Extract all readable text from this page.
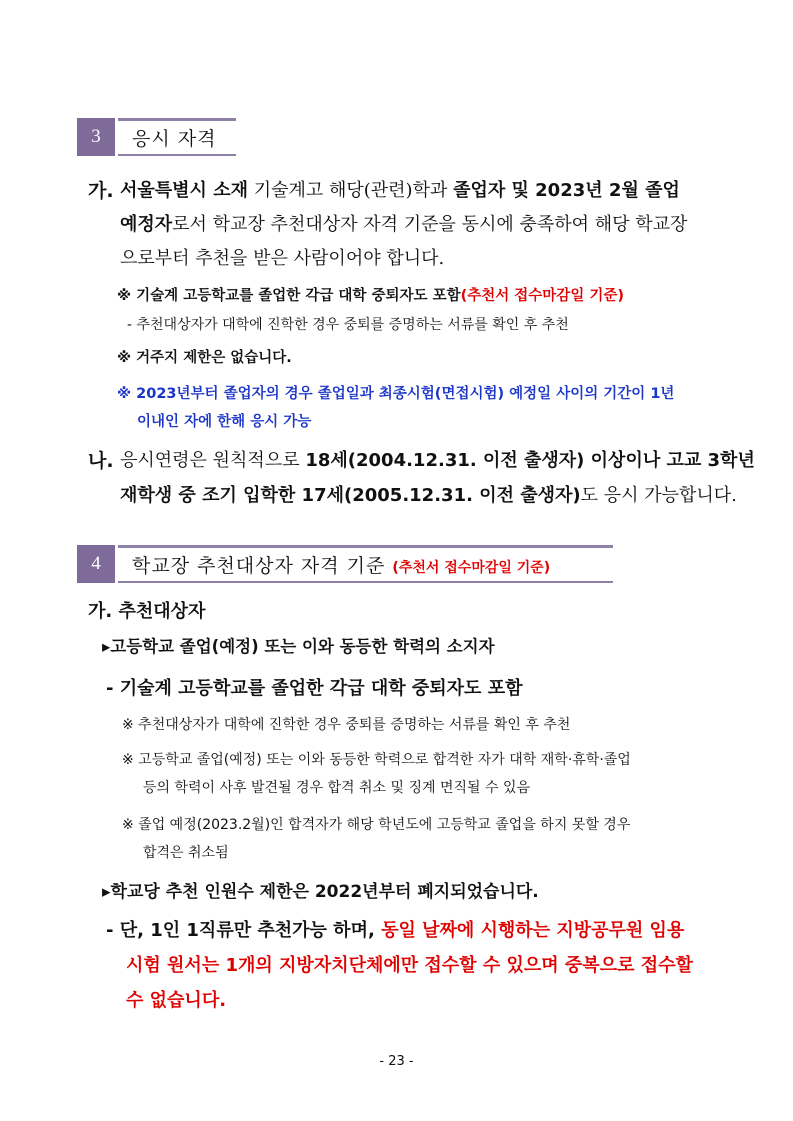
3	응시 자격
가. 서울특별시 소재 기술계고 해당(관련)학과 졸업자 및 2023년 2월 졸업
예정자로서 학교장 추천대상자 자격 기준을 동시에 충족하여 해당 학교장
으로부터 추천을 받은 사람이어야 합니다.
※ 기술계 고등학교를 졸업한 각급 대학 중퇴자도 포함(추천서 접수마감일 기준)
- 추천대상자가 대학에 진학한 경우 중퇴를 증명하는 서류를 확인 후 추천
※ 거주지 제한은 없습니다.
※ 2023년부터 졸업자의 경우 졸업일과 최종시험(면접시험) 예정일 사이의 기간이 1년
이내인 자에 한해 응시 가능
나. 응시연령은 원칙적으로 18세(2004.12.31. 이전 출생자) 이상이나 고교 3학년
재학생 중 조기 입학한 17세(2005.12.31. 이전 출생자)도 응시 가능합니다.
4	학교장 추천대상자 자격 기준 (추천서 접수마감일 기준)
가. 추천대상자
▸고등학교 졸업(예정) 또는 이와 동등한 학력의 소지자
- 기술계 고등학교를 졸업한 각급 대학 중퇴자도 포함
※ 추천대상자가 대학에 진학한 경우 중퇴를 증명하는 서류를 확인 후 추천
※ 고등학교 졸업(예정) 또는 이와 동등한 학력으로 합격한 자가 대학 재학·휴학·졸업
등의 학력이 사후 발견될 경우 합격 취소 및 징계 면직될 수 있음
※ 졸업 예정(2023.2월)인 합격자가 해당 학년도에 고등학교 졸업을 하지 못할 경우
합격은 취소됨
▸학교당 추천 인원수 제한은 2022년부터 폐지되었습니다.
- 단, 1인 1직류만 추천가능 하며, 동일 날짜에 시행하는 지방공무원 임용
시험 원서는 1개의 지방자치단체에만 접수할 수 있으며 중복으로 접수할
수 없습니다.
- 23 -
